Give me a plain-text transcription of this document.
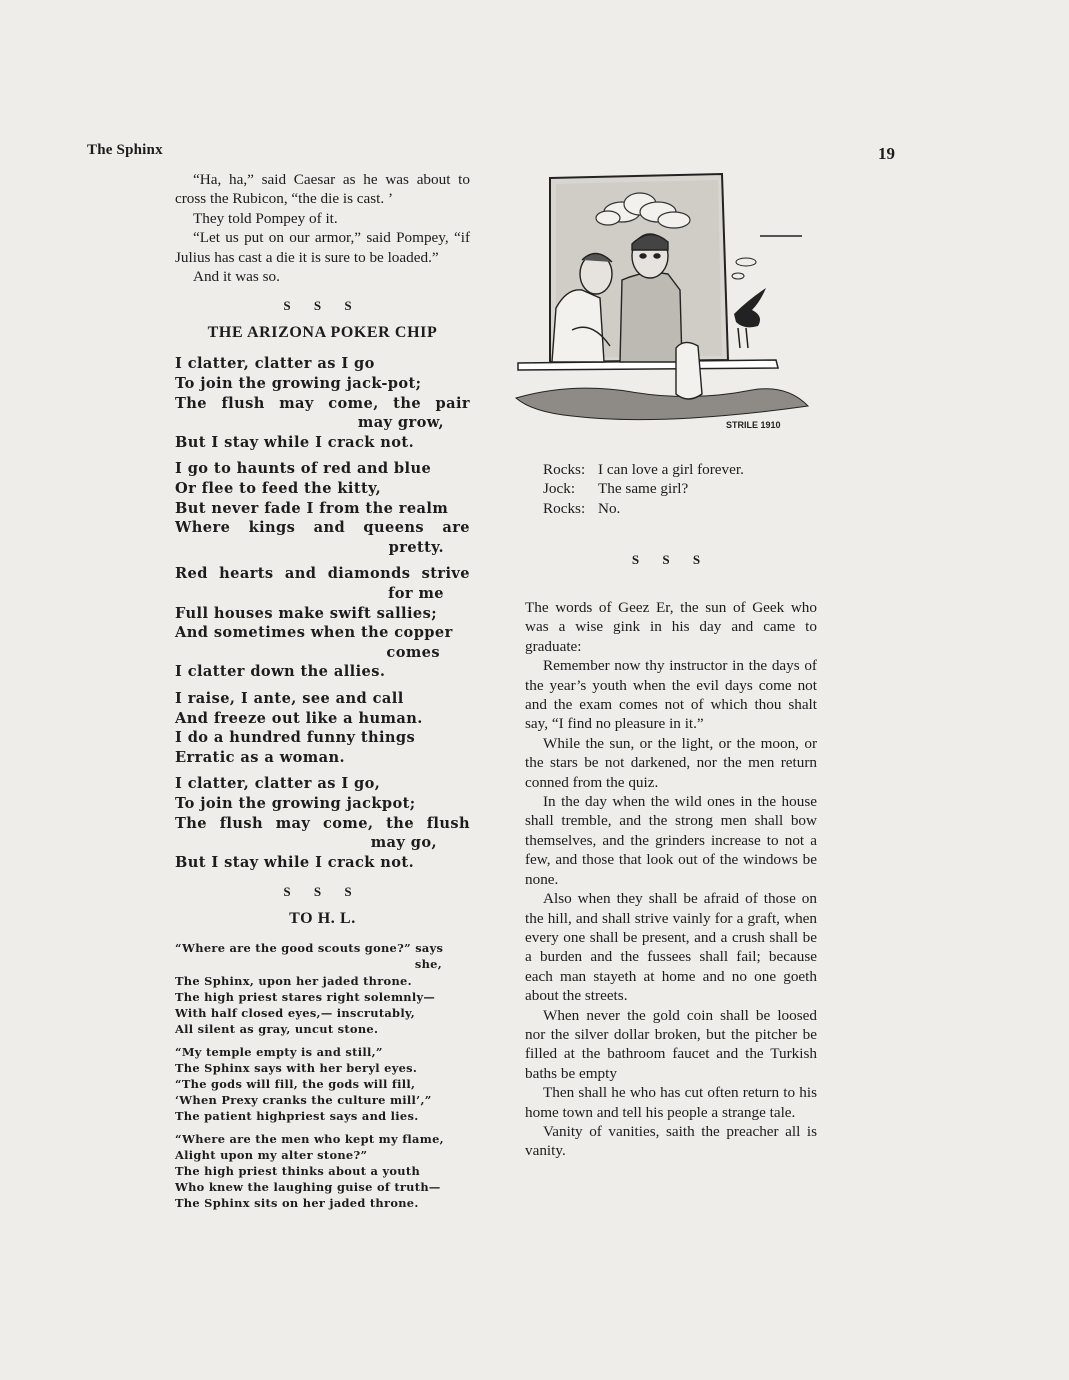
The Sphinx	19

“Ha, ha,” said Caesar as he was about to cross the Rubicon, “the die is cast. ’

They told Pompey of it.

“Let us put on our armor,” said Pompey, “if Julius has cast a die it is sure to be loaded.”

And it was so.

S S S
THE ARIZONA POKER CHIP
I clatter, clatter as I go
To join the growing jack-pot;
The flush may come, the pair
may grow,
But I stay while I crack not.
I go to haunts of red and blue
Or flee to feed the kitty,
But never fade I from the realm
Where kings and queens are
pretty.
Red hearts and diamonds strive
for me
Full houses make swift sallies;
And sometimes when the copper
comes
I clatter down the allies.
I raise, I ante, see and call
And freeze out like a human.
I do a hundred funny things
Erratic as a woman.
I clatter, clatter as I go,
To join the growing jackpot;
The flush may come, the flush
may go,
But I stay while I crack not.
S S S
TO H. L.
“Where are the good scouts gone?” says
she,
The Sphinx, upon her jaded throne.
The high priest stares right solemnly—
With half closed eyes,— inscrutably,
All silent as gray, uncut stone.
“My temple empty is and still,”
The Sphinx says with her beryl eyes.
“The gods will fill, the gods will fill,
‘When Prexy cranks the culture mill’,”
The patient highpriest says and lies.
“Where are the men who kept my flame,
Alight upon my alter stone?”
The high priest thinks about a youth
Who knew the laughing guise of truth—
The Sphinx sits on her jaded throne.
STRILE 1910
Rocks: I can love a girl forever.
Jock:	The same girl?
Rocks: No.
S S S

The words of Geez Er, the sun of Geek who was a wise gink in his day and came to graduate:

Remember now thy instructor in the days of the year’s youth when the evil days come not and the exam comes not of which thou shalt say, “I find no pleasure in it.”

While the sun, or the light, or the moon, or the stars be not darkened, nor the men return conned from the quiz.

In the day when the wild ones in the house shall tremble, and the strong men shall bow themselves, and the grinders increase to not a few, and those that look out of the windows be none.

Also when they shall be afraid of those on the hill, and shall strive vainly for a graft, when every one shall be present, and a crush shall be a burden and the fussees shall fail; because each man stayeth at home and no one goeth about the streets.

When never the gold coin shall be loosed nor the silver dollar broken, but the pitcher be filled at the bathroom faucet and the Turkish baths be empty

Then shall he who has cut often return to his home town and tell his people a strange tale.

Vanity of vanities, saith the preacher all is vanity.
